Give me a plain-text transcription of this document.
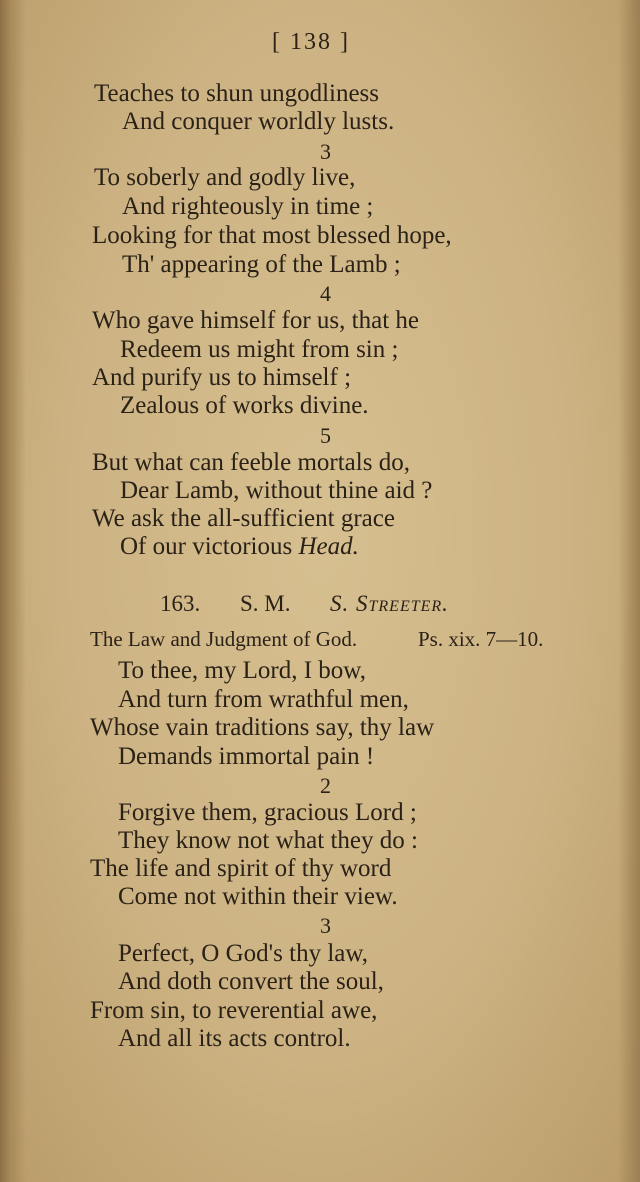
[ 138 ]
Teaches to shun ungodliness
And conquer worldly lusts.
3
To soberly and godly live,
And righteously in time ;
Looking for that most blessed hope,
Th' appearing of the Lamb ;
4
Who gave himself for us, that he
Redeem us might from sin ;
And purify us to himself ;
Zealous of works divine.
5
But what can feeble mortals do,
Dear Lamb, without thine aid ?
We ask the all-sufficient grace
Of our victorious Head.
163. S. M. S. Streeter.
The Law and Judgment of God.	Ps. xix. 7—10.
To thee, my Lord, I bow,
And turn from wrathful men,
Whose vain traditions say, thy law
Demands immortal pain !
2
Forgive them, gracious Lord ;
They know not what they do :
The life and spirit of thy word
Come not within their view.
3
Perfect, O God's thy law,
And doth convert the soul,
From sin, to reverential awe,
And all its acts control.
